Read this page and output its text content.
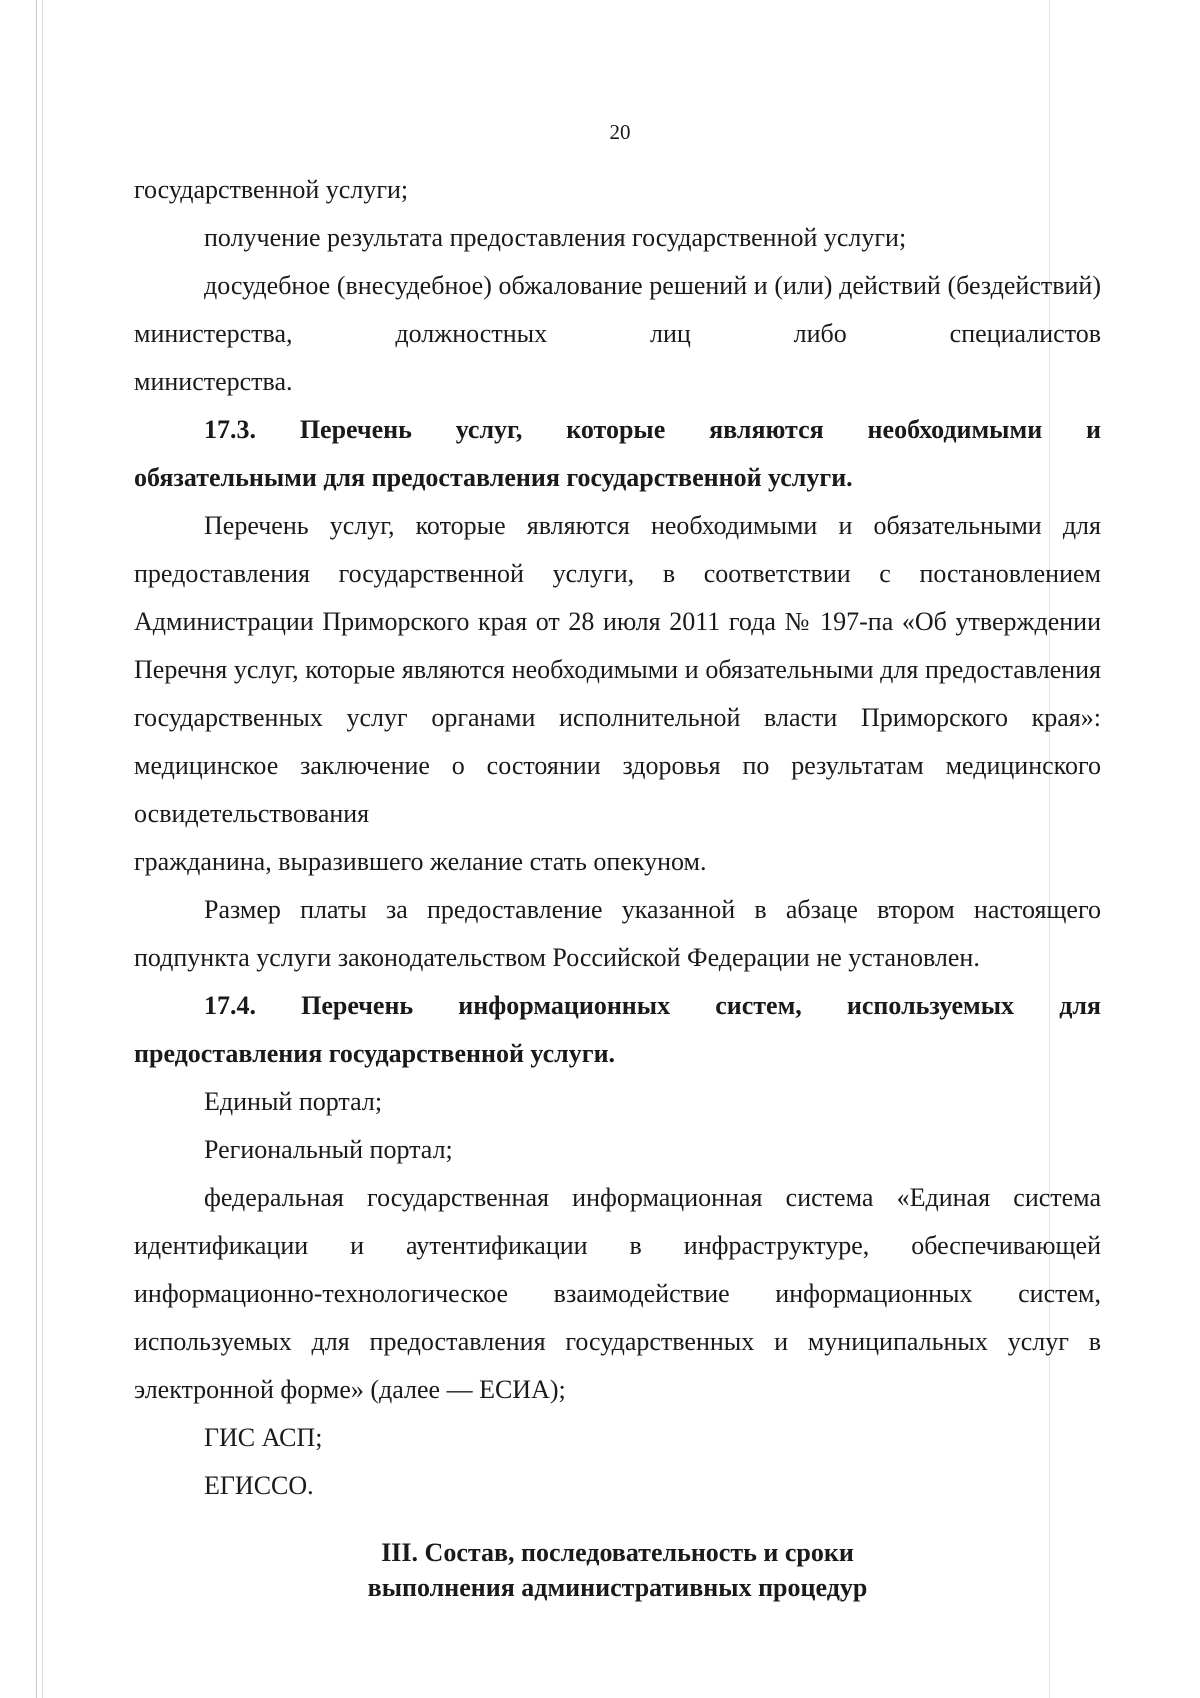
20

государственной услуги;

получение результата предоставления государственной услуги;

досудебное (внесудебное) обжалование решений и (или) действий (бездействий) министерства, должностных лиц либо специалистов

министерства.

17.3. Перечень услуг, которые являются необходимыми и

обязательными для предоставления государственной услуги.

Перечень услуг, которые являются необходимыми и обязательными для предоставления государственной услуги, в соответствии с постановлением Администрации Приморского края от 28 июля 2011 года № 197-па «Об утверждении Перечня услуг, которые являются необходимыми и обязательными для предоставления государственных услуг органами исполнительной власти Приморского края»: медицинское заключение о состоянии здоровья по результатам медицинского освидетельствования

гражданина, выразившего желание стать опекуном.

Размер платы за предоставление указанной в абзаце втором настоящего

подпункта услуги законодательством Российской Федерации не установлен.

17.4. Перечень информационных систем, используемых для

предоставления государственной услуги.

Единый портал;

Региональный портал;

федеральная государственная информационная система «Единая система идентификации и аутентификации в инфраструктуре, обеспечивающей информационно-технологическое взаимодействие информационных систем, используемых для предоставления государственных и муниципальных услуг в

электронной форме» (далее — ЕСИА);

ГИС АСП;

ЕГИССО.

III. Состав, последовательность и сроки
выполнения административных процедур
